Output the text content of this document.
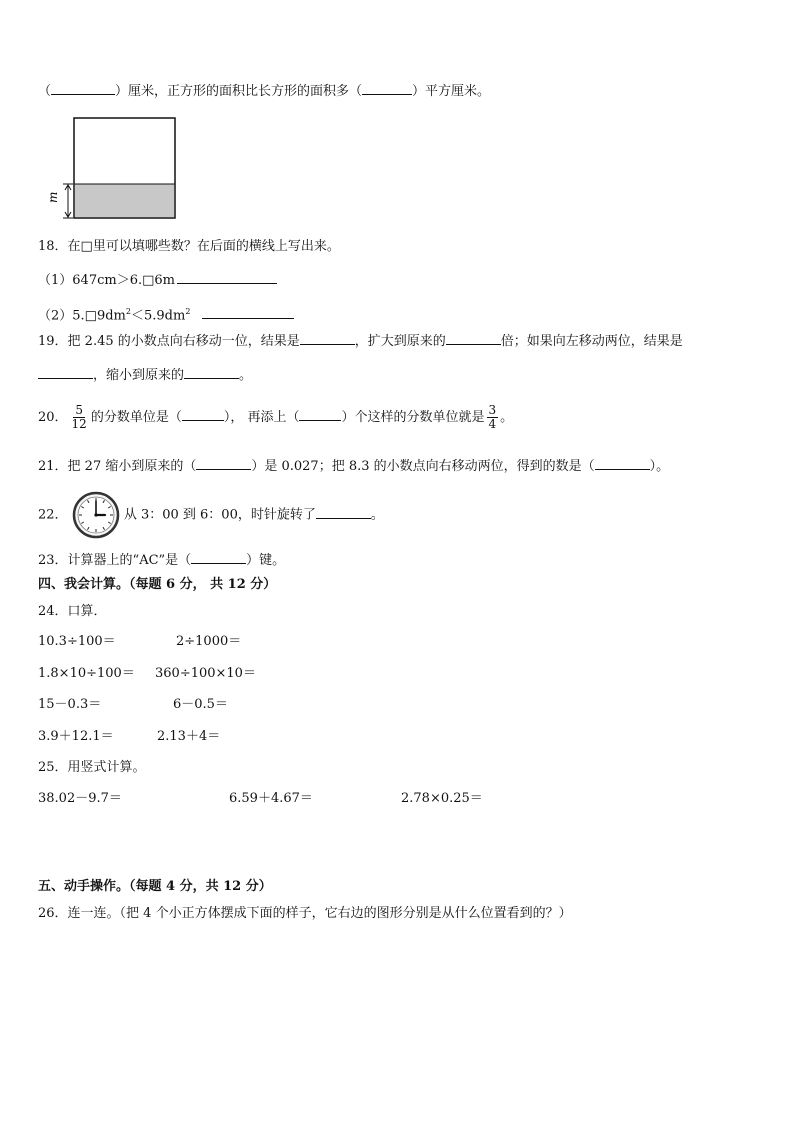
（	）厘米，正方形的面积比长方形的面积多（	）平方厘米。
m
18．在□里可以填哪些数？在后面的横线上写出来。
（1）647cm＞6.□6m
$(2)5.□9dm^2<5.9dm^2$
19．把 2.45 的小数点向右移动一位，结果是	，扩大到原来的	倍；如果向左移动两位，结果是
，缩小到原来的	。
20． $\frac{5}{12}$ 的分数单位是（	）， 再添上（	）个这样的分数单位就是 $\frac{3}{4}$ 。
21．把 27 缩小到原来的（	）是 0.027；把 8.3 的小数点向右移动两位，得到的数是（	）。
22．	从 3：00 到 6：00，时针旋转了	。
23．计算器上的“AC”是（	）键。
四、我会计算。（每题 6 分， 共 12 分）
24．口算．
10.3÷100＝	2÷1000＝
1.8×10÷100＝ 360÷100×10＝
15－0.3＝	6－0.5＝
3.9＋12.1＝	2.13＋4＝
25．用竖式计算。
38.02－9.7＝	6.59＋4.67＝	2.78×0.25＝
五、动手操作。（每题 4 分，共 12 分）
26．连一连。（把 4 个小正方体摆成下面的样子，它右边的图形分别是从什么位置看到的？）
